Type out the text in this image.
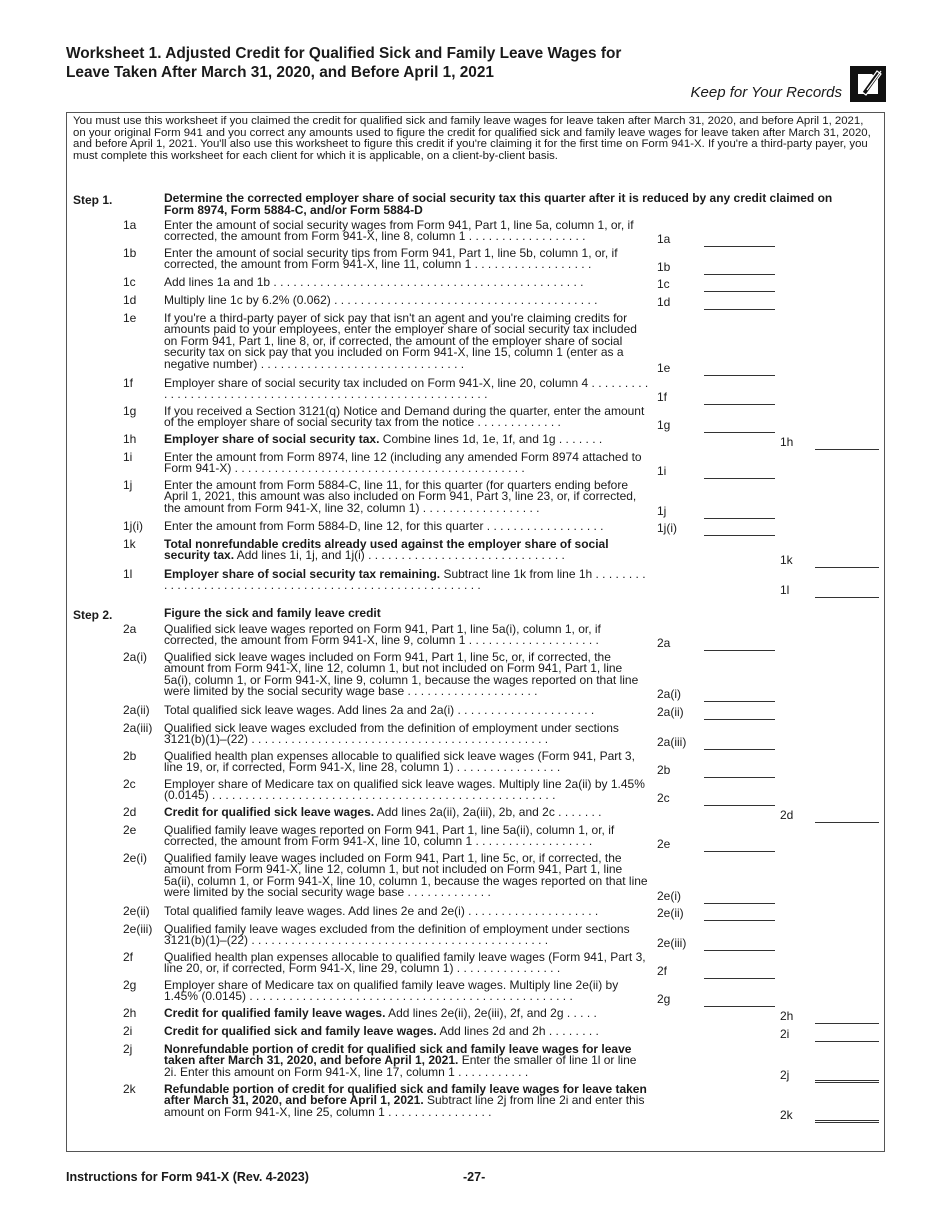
Worksheet 1. Adjusted Credit for Qualified Sick and Family Leave Wages for Leave Taken After March 31, 2020, and Before April 1, 2021
Keep for Your Records
You must use this worksheet if you claimed the credit for qualified sick and family leave wages for leave taken after March 31, 2020, and before April 1, 2021, on your original Form 941 and you correct any amounts used to figure the credit for qualified sick and family leave wages for leave taken after March 31, 2020, and before April 1, 2021. You'll also use this worksheet to figure this credit if you're claiming it for the first time on Form 941-X. If you're a third-party payer, you must complete this worksheet for each client for which it is applicable, on a client-by-client basis.
Step 1.	Determine the corrected employer share of social security tax this quarter after it is reduced by any credit claimed on Form 8974, Form 5884-C, and/or Form 5884-D
1a Enter the amount of social security wages from Form 941, Part 1, line 5a, column 1, or, if corrected, the amount from Form 941-X, line 8, column 1 . . . . . . . . . . . . . . . . . .	1a
1b Enter the amount of social security tips from Form 941, Part 1, line 5b, column 1, or, if corrected, the amount from Form 941-X, line 11, column 1 . . . . . . . . . . . . . . . . . .	1b
1c Add lines 1a and 1b . . . . . . . . . . . . . . . . . . . . . . . . . . . . . . . . . . . . . . . . . . . . . . .	1c
1d Multiply line 1c by 6.2% (0.062) . . . . . . . . . . . . . . . . . . . . . . . . . . . . . . . . . . . . . . . .	1d
1e If you're a third-party payer of sick pay that isn't an agent and you're claiming credits for amounts paid to your employees, enter the employer share of social security tax included on Form 941, Part 1, line 8, or, if corrected, the amount of the employer share of social security tax on sick pay that you included on Form 941-X, line 15, column 1 (enter as a negative number) . . . . . . . . . . . . . . . . . . . . . . . . . . . . . . .	1e
1f	Employer share of social security tax included on Form 941-X, line 20, column 4 . . . . . . . . . . . . . . . . . . . . . . . . . . . . . . . . . . . . . . . . . . . . . . . . . . . . . . . . . .	1f
1g If you received a Section 3121(q) Notice and Demand during the quarter, enter the amount of the employer share of social security tax from the notice . . . . . . . . . . . . .	1g
1h Employer share of social security tax. Combine lines 1d, 1e, 1f, and 1g . . . . . . .	1h
1i	Enter the amount from Form 8974, line 12 (including any amended Form 8974 attached to Form 941-X) . . . . . . . . . . . . . . . . . . . . . . . . . . . . . . . . . . . . . . . . . . . .	1i
1j	Enter the amount from Form 5884-C, line 11, for this quarter (for quarters ending before April 1, 2021, this amount was also included on Form 941, Part 3, line 23, or, if corrected, the amount from Form 941-X, line 32, column 1) . . . . . . . . . . . . . . . . . .	1j
1j(i) Enter the amount from Form 5884-D, line 12, for this quarter . . . . . . . . . . . . . . . . . .	1j(i)
1k Total nonrefundable credits already used against the employer share of social security tax. Add lines 1i, 1j, and 1j(i) . . . . . . . . . . . . . . . . . . . . . . . . . . . . . .	1k
1l	Employer share of social security tax remaining. Subtract line 1k from line 1h . . . . . . . . . . . . . . . . . . . . . . . . . . . . . . . . . . . . . . . . . . . . . . . . . . . . . . . .	1l
Step 2.	Figure the sick and family leave credit
2a Qualified sick leave wages reported on Form 941, Part 1, line 5a(i), column 1, or, if corrected, the amount from Form 941-X, line 9, column 1 . . . . . . . . . . . . . . . . . . . .	2a
2a(i) Qualified sick leave wages included on Form 941, Part 1, line 5c, or, if corrected, the amount from Form 941-X, line 12, column 1, but not included on Form 941, Part 1, line 5a(i), column 1, or Form 941-X, line 9, column 1, because the wages reported on that line were limited by the social security wage base . . . . . . . . . . . . . . . . . . . .	2a(i)
2a(ii) Total qualified sick leave wages. Add lines 2a and 2a(i) . . . . . . . . . . . . . . . . . . . . .	2a(ii)
2a(iii) Qualified sick leave wages excluded from the definition of employment under sections 3121(b)(1)–(22) . . . . . . . . . . . . . . . . . . . . . . . . . . . . . . . . . . . . . . . . . . . . .	2a(iii)
2b Qualified health plan expenses allocable to qualified sick leave wages (Form 941, Part 3, line 19, or, if corrected, Form 941-X, line 28, column 1) . . . . . . . . . . . . . . . .	2b
2c Employer share of Medicare tax on qualified sick leave wages. Multiply line 2a(ii) by 1.45% (0.0145) . . . . . . . . . . . . . . . . . . . . . . . . . . . . . . . . . . . . . . . . . . . . . . . . . . . .	2c
2d Credit for qualified sick leave wages. Add lines 2a(ii), 2a(iii), 2b, and 2c . . . . . . .	2d
2e Qualified family leave wages reported on Form 941, Part 1, line 5a(ii), column 1, or, if corrected, the amount from Form 941-X, line 10, column 1 . . . . . . . . . . . . . . . . . .	2e
2e(i) Qualified family leave wages included on Form 941, Part 1, line 5c, or, if corrected, the amount from Form 941-X, line 12, column 1, but not included on Form 941, Part 1, line 5a(ii), column 1, or Form 941-X, line 10, column 1, because the wages reported on that line were limited by the social security wage base . . . . . . . . . . . . .	2e(i)
2e(ii) Total qualified family leave wages. Add lines 2e and 2e(i) . . . . . . . . . . . . . . . . . . . .	2e(ii)
2e(iii) Qualified family leave wages excluded from the definition of employment under sections 3121(b)(1)–(22) . . . . . . . . . . . . . . . . . . . . . . . . . . . . . . . . . . . . . . . . . . . . .	2e(iii)
2f	Qualified health plan expenses allocable to qualified family leave wages (Form 941, Part 3, line 20, or, if corrected, Form 941-X, line 29, column 1) . . . . . . . . . . . . . . . .	2f
2g Employer share of Medicare tax on qualified family leave wages. Multiply line 2e(ii) by 1.45% (0.0145) . . . . . . . . . . . . . . . . . . . . . . . . . . . . . . . . . . . . . . . . . . . . . . . . .	2g
2h Credit for qualified family leave wages. Add lines 2e(ii), 2e(iii), 2f, and 2g . . . . .	2h
2i	Credit for qualified sick and family leave wages. Add lines 2d and 2h . . . . . . . .	2i
2j	Nonrefundable portion of credit for qualified sick and family leave wages for leave taken after March 31, 2020, and before April 1, 2021. Enter the smaller of line 1l or line 2i. Enter this amount on Form 941-X, line 17, column 1 . . . . . . . . . . .	2j
2k Refundable portion of credit for qualified sick and family leave wages for leave taken after March 31, 2020, and before April 1, 2021. Subtract line 2j from line 2i and enter this amount on Form 941-X, line 25, column 1 . . . . . . . . . . . . . . . .	2k
Instructions for Form 941-X (Rev. 4-2023)	-27-
